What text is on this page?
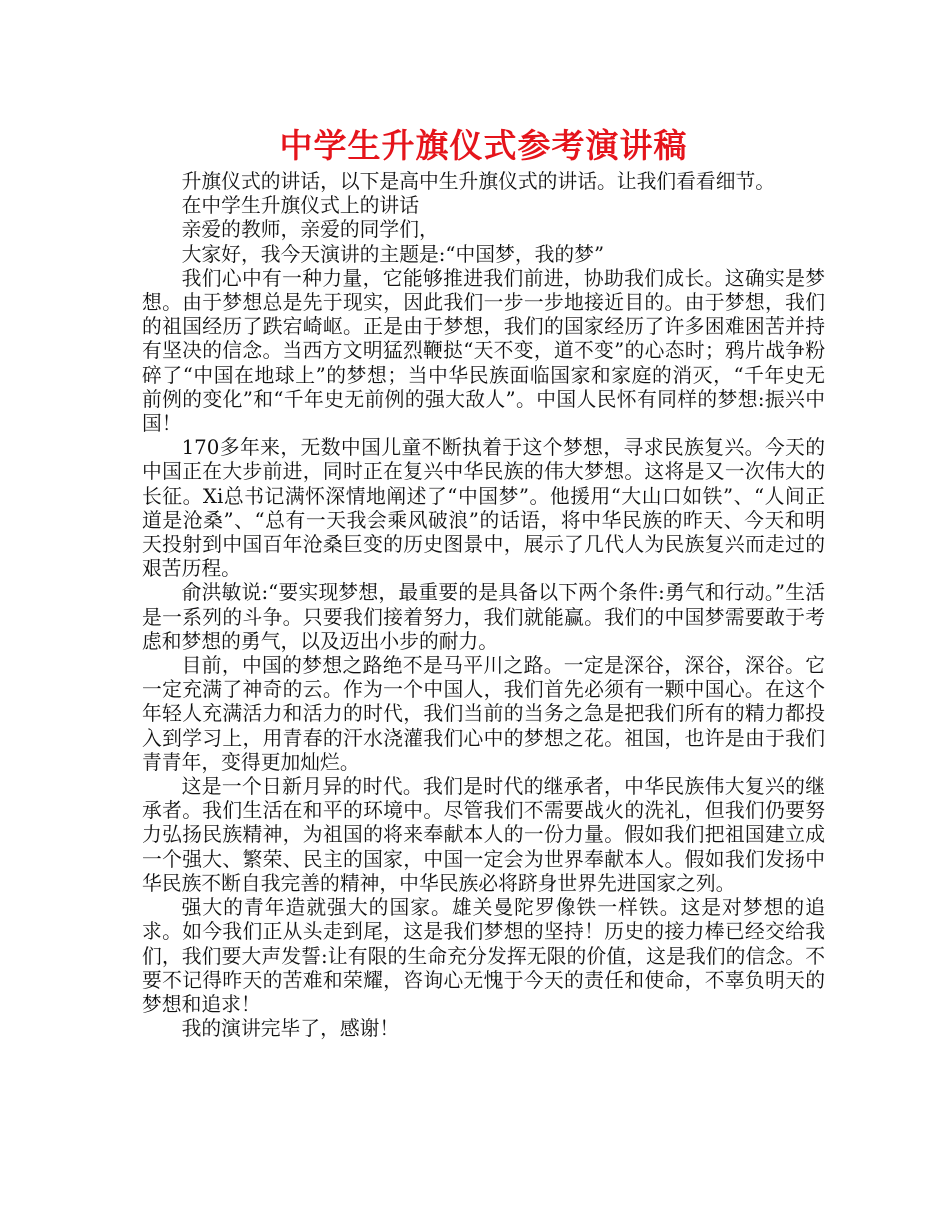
中学生升旗仪式参考演讲稿

升旗仪式的讲话，以下是高中生升旗仪式的讲话。让我们看看细节。

在中学生升旗仪式上的讲话

亲爱的教师，亲爱的同学们，

大家好，我今天演讲的主题是:“中国梦，我的梦”

我们心中有一种力量，它能够推进我们前进，协助我们成长。这确实是梦想。由于梦想总是先于现实，因此我们一步一步地接近目的。由于梦想，我们的祖国经历了跌宕崎岖。正是由于梦想，我们的国家经历了许多困难困苦并持有坚决的信念。当西方文明猛烈鞭挞“天不变，道不变”的心态时；鸦片战争粉碎了“中国在地球上”的梦想；当中华民族面临国家和家庭的消灭，“千年史无前例的变化”和“千年史无前例的强大敌人”。中国人民怀有同样的梦想:振兴中国！

170多年来，无数中国儿童不断执着于这个梦想，寻求民族复兴。今天的中国正在大步前进，同时正在复兴中华民族的伟大梦想。这将是又一次伟大的长征。Xi总书记满怀深情地阐述了“中国梦”。他援用“大山口如铁”、“人间正道是沧桑”、“总有一天我会乘风破浪”的话语，将中华民族的昨天、今天和明天投射到中国百年沧桑巨变的历史图景中，展示了几代人为民族复兴而走过的艰苦历程。

俞洪敏说:“要实现梦想，最重要的是具备以下两个条件:勇气和行动。”生活是一系列的斗争。只要我们接着努力，我们就能赢。我们的中国梦需要敢于考虑和梦想的勇气，以及迈出小步的耐力。

目前，中国的梦想之路绝不是马平川之路。一定是深谷，深谷，深谷。它一定充满了神奇的云。作为一个中国人，我们首先必须有一颗中国心。在这个年轻人充满活力和活力的时代，我们当前的当务之急是把我们所有的精力都投入到学习上，用青春的汗水浇灌我们心中的梦想之花。祖国，也许是由于我们青青年，变得更加灿烂。

这是一个日新月异的时代。我们是时代的继承者，中华民族伟大复兴的继承者。我们生活在和平的环境中。尽管我们不需要战火的洗礼，但我们仍要努力弘扬民族精神，为祖国的将来奉献本人的一份力量。假如我们把祖国建立成一个强大、繁荣、民主的国家，中国一定会为世界奉献本人。假如我们发扬中华民族不断自我完善的精神，中华民族必将跻身世界先进国家之列。

强大的青年造就强大的国家。雄关曼陀罗像铁一样铁。这是对梦想的追求。如今我们正从头走到尾，这是我们梦想的坚持！历史的接力棒已经交给我们，我们要大声发誓:让有限的生命充分发挥无限的价值，这是我们的信念。不要不记得昨天的苦难和荣耀，咨询心无愧于今天的责任和使命，不辜负明天的梦想和追求！

我的演讲完毕了，感谢！
